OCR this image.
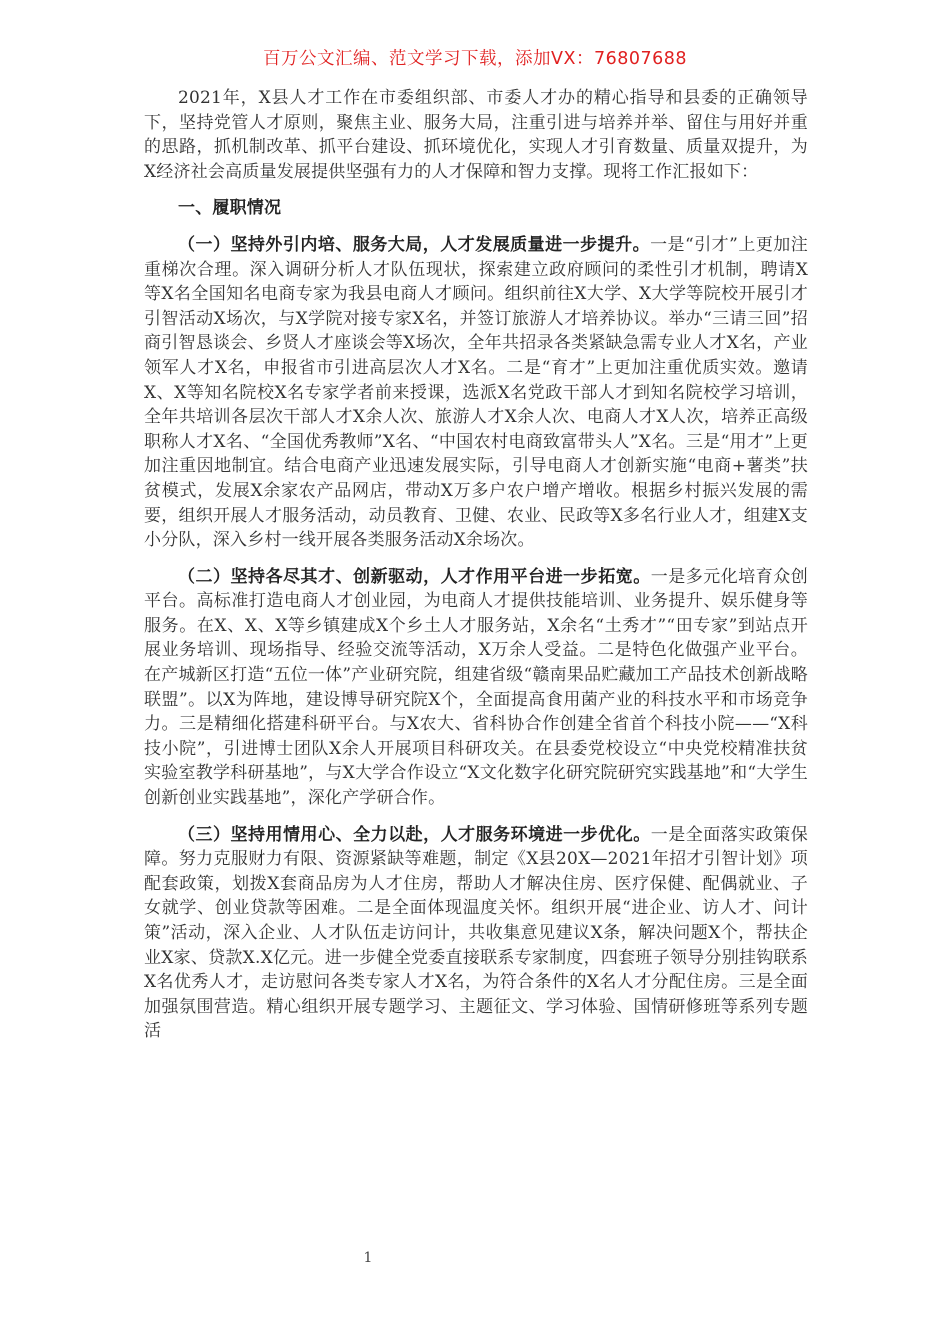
百万公文汇编、范文学习下载，添加VX：76807688

2021年，X县人才工作在市委组织部、市委人才办的精心指导和县委的正确领导下，坚持党管人才原则，聚焦主业、服务大局，注重引进与培养并举、留住与用好并重的思路，抓机制改革、抓平台建设、抓环境优化，实现人才引育数量、质量双提升，为X经济社会高质量发展提供坚强有力的人才保障和智力支撑。现将工作汇报如下：

一、履职情况

（一）坚持外引内培、服务大局，人才发展质量进一步提升。一是“引才”上更加注重梯次合理。深入调研分析人才队伍现状，探索建立政府顾问的柔性引才机制，聘请X等X名全国知名电商专家为我县电商人才顾问。组织前往X大学、X大学等院校开展引才引智活动X场次，与X学院对接专家X名，并签订旅游人才培养协议。举办“三请三回”招商引智恳谈会、乡贤人才座谈会等X场次，全年共招录各类紧缺急需专业人才X名，产业领军人才X名，申报省市引进高层次人才X名。二是“育才”上更加注重优质实效。邀请X、X等知名院校X名专家学者前来授课，选派X名党政干部人才到知名院校学习培训，全年共培训各层次干部人才X余人次、旅游人才X余人次、电商人才X人次，培养正高级职称人才X名、“全国优秀教师”X名、“中国农村电商致富带头人”X名。三是“用才”上更加注重因地制宜。结合电商产业迅速发展实际，引导电商人才创新实施“电商+薯类”扶贫模式，发展X余家农产品网店，带动X万多户农户增产增收。根据乡村振兴发展的需要，组织开展人才服务活动，动员教育、卫健、农业、民政等X多名行业人才，组建X支小分队，深入乡村一线开展各类服务活动X余场次。

（二）坚持各尽其才、创新驱动，人才作用平台进一步拓宽。一是多元化培育众创平台。高标准打造电商人才创业园，为电商人才提供技能培训、业务提升、娱乐健身等服务。在X、X、X等乡镇建成X个乡土人才服务站，X余名“土秀才”“田专家”到站点开展业务培训、现场指导、经验交流等活动，X万余人受益。二是特色化做强产业平台。在产城新区打造“五位一体”产业研究院，组建省级“赣南果品贮藏加工产品技术创新战略联盟”。以X为阵地，建设博导研究院X个，全面提高食用菌产业的科技水平和市场竞争力。三是精细化搭建科研平台。与X农大、省科协合作创建全省首个科技小院——“X科技小院”，引进博士团队X余人开展项目科研攻关。在县委党校设立“中央党校精准扶贫实验室教学科研基地”，与X大学合作设立“X文化数字化研究院研究实践基地”和“大学生创新创业实践基地”，深化产学研合作。

（三）坚持用情用心、全力以赴，人才服务环境进一步优化。一是全面落实政策保障。努力克服财力有限、资源紧缺等难题，制定《X县20X—2021年招才引智计划》项配套政策，划拨X套商品房为人才住房，帮助人才解决住房、医疗保健、配偶就业、子女就学、创业贷款等困难。二是全面体现温度关怀。组织开展“进企业、访人才、问计策”活动，深入企业、人才队伍走访问计，共收集意见建议X条，解决问题X个，帮扶企业X家、贷款X.X亿元。进一步健全党委直接联系专家制度，四套班子领导分别挂钩联系X名优秀人才，走访慰问各类专家人才X名，为符合条件的X名人才分配住房。三是全面加强氛围营造。精心组织开展专题学习、主题征文、学习体验、国情研修班等系列专题活

1
